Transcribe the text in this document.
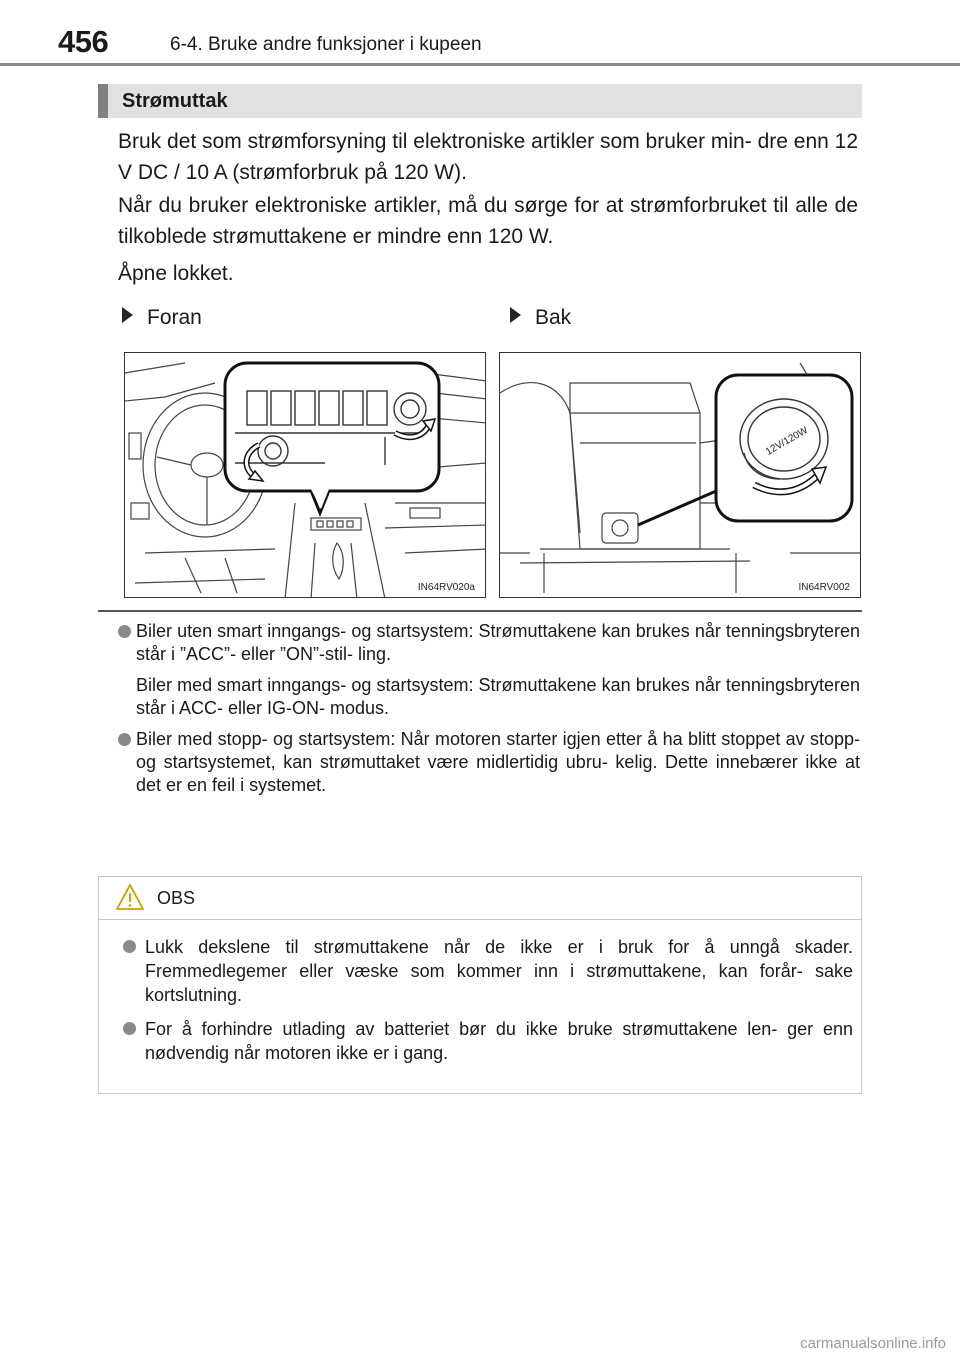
456	6-4. Bruke andre funksjoner i kupeen
Strømuttak
Bruk det som strømforsyning til elektroniske artikler som bruker min- dre enn 12 V DC / 10 A (strømforbruk på 120 W).
Når du bruker elektroniske artikler, må du sørge for at strømforbruket til alle de tilkoblede strømuttakene er mindre enn 120 W.
Åpne lokket.
Foran	Bak
IN64RV020a
12V/120W
IN64RV002

Biler uten smart inngangs- og startsystem: Strømuttakene kan brukes når tenningsbryteren står i ”ACC”- eller ”ON”-stil- ling.

Biler med smart inngangs- og startsystem: Strømuttakene kan brukes når tenningsbryteren står i ACC- eller IG-ON- modus.

Biler med stopp- og startsystem: Når motoren starter igjen etter å ha blitt stoppet av stopp- og startsystemet, kan strømuttaket være midlertidig ubru- kelig. Dette innebærer ikke at det er en feil i systemet.

OBS
Lukk dekslene til strømuttakene når de ikke er i bruk for å unngå skader. Fremmedlegemer eller væske som kommer inn i strømuttakene, kan forår- sake kortslutning.
For å forhindre utlading av batteriet bør du ikke bruke strømuttakene len- ger enn nødvendig når motoren ikke er i gang.
carmanualsonline.info
